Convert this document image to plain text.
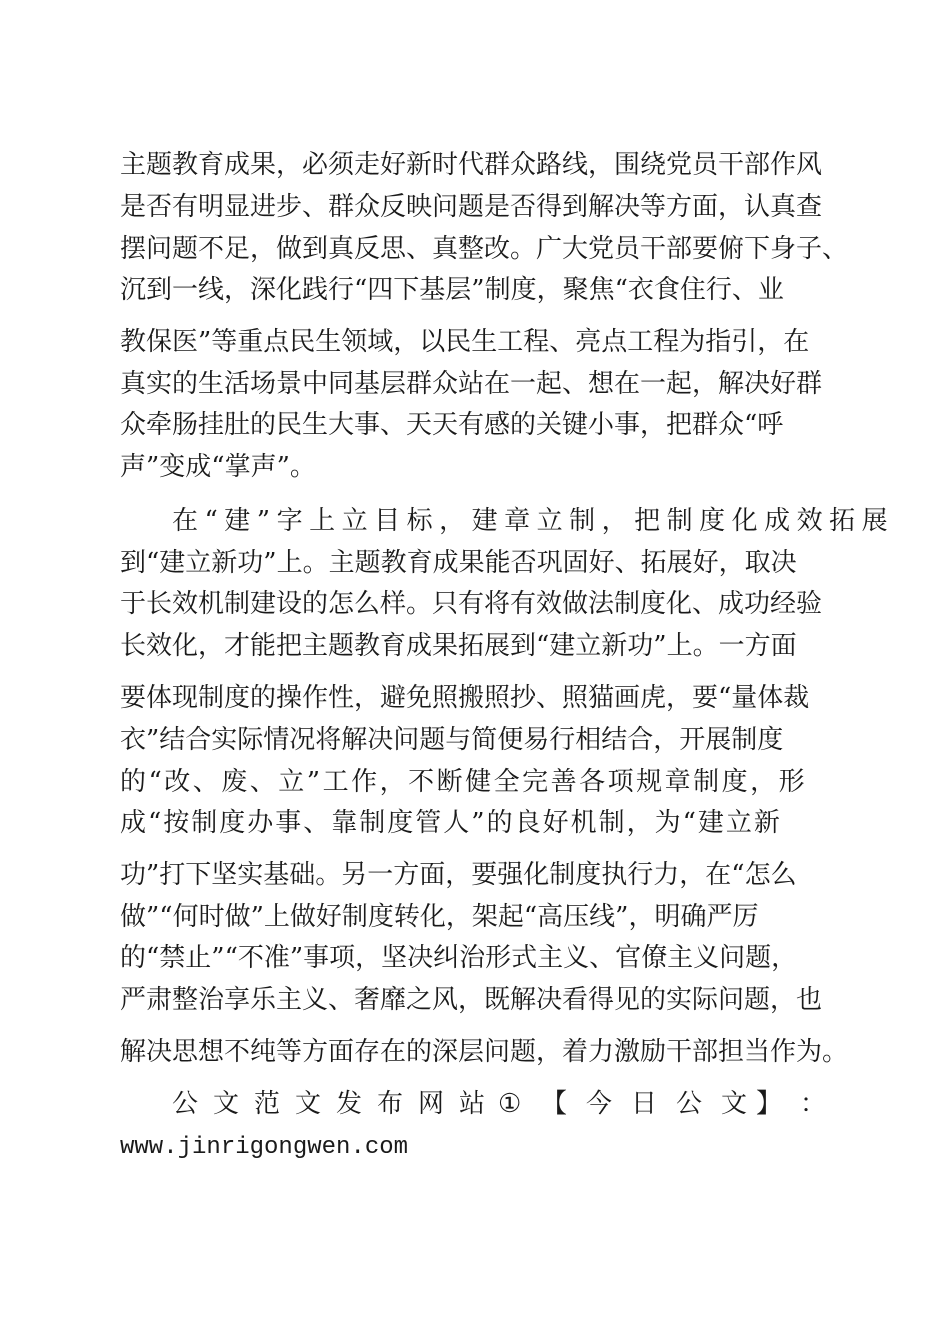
主题教育成果，必须走好新时代群众路线，围绕党员干部作风
是否有明显进步、群众反映问题是否得到解决等方面，认真查
摆问题不足，做到真反思、真整改。广大党员干部要俯下身子、
沉到一线，深化践行“四下基层”制度，聚焦“衣食住行、业
教保医”等重点民生领域，以民生工程、亮点工程为指引，在
真实的生活场景中同基层群众站在一起、想在一起，解决好群
众牵肠挂肚的民生大事、天天有感的关键小事，把群众“呼
声”变成“掌声”。
在“建”字上立目标，建章立制，把制度化成效拓展
到“建立新功”上。主题教育成果能否巩固好、拓展好，取决
于长效机制建设的怎么样。只有将有效做法制度化、成功经验
长效化，才能把主题教育成果拓展到“建立新功”上。一方面
要体现制度的操作性，避免照搬照抄、照猫画虎，要“量体裁
衣”结合实际情况将解决问题与简便易行相结合，开展制度
的“改、废、立”工作，不断健全完善各项规章制度，形
成“按制度办事、靠制度管人”的良好机制，为“建立新
功”打下坚实基础。另一方面，要强化制度执行力，在“怎么
做”“何时做”上做好制度转化，架起“高压线”，明确严厉
的“禁止”“不准”事项，坚决纠治形式主义、官僚主义问题，
严肃整治享乐主义、奢靡之风，既解决看得见的实际问题，也
解决思想不纯等方面存在的深层问题，着力激励干部担当作为。
公 文 范 文 发 布 网 站 ① 【 今 日 公 文 】 ：
www.jinrigongwen.com
